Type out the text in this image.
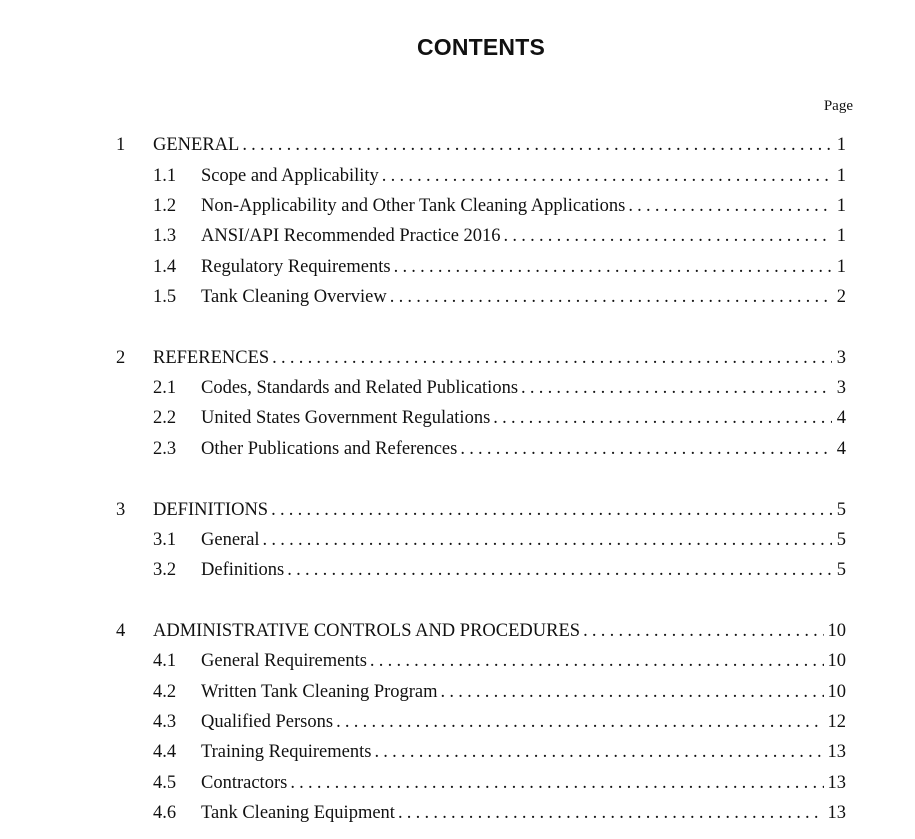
CONTENTS
Page
1	GENERAL . . .	1
1.1	Scope and Applicability . . .	1
1.2	Non-Applicability and Other Tank Cleaning Applications . . .	1
1.3	ANSI/API Recommended Practice 2016 . . .	1
1.4	Regulatory Requirements . . .	1
1.5	Tank Cleaning Overview . . .	2
2	REFERENCES . . .	3
2.1	Codes, Standards and Related Publications . . .	3
2.2	United States Government Regulations . . .	4
2.3	Other Publications and References . . .	4
3	DEFINITIONS . . .	5
3.1	General . . .	5
3.2	Definitions . . .	5
4	ADMINISTRATIVE CONTROLS AND PROCEDURES . . .	10
4.1	General Requirements . . .	10
4.2	Written Tank Cleaning Program . . .	10
4.3	Qualified Persons . . .	12
4.4	Training Requirements . . .	13
4.5	Contractors . . .	13
4.6	Tank Cleaning Equipment . . .	13
